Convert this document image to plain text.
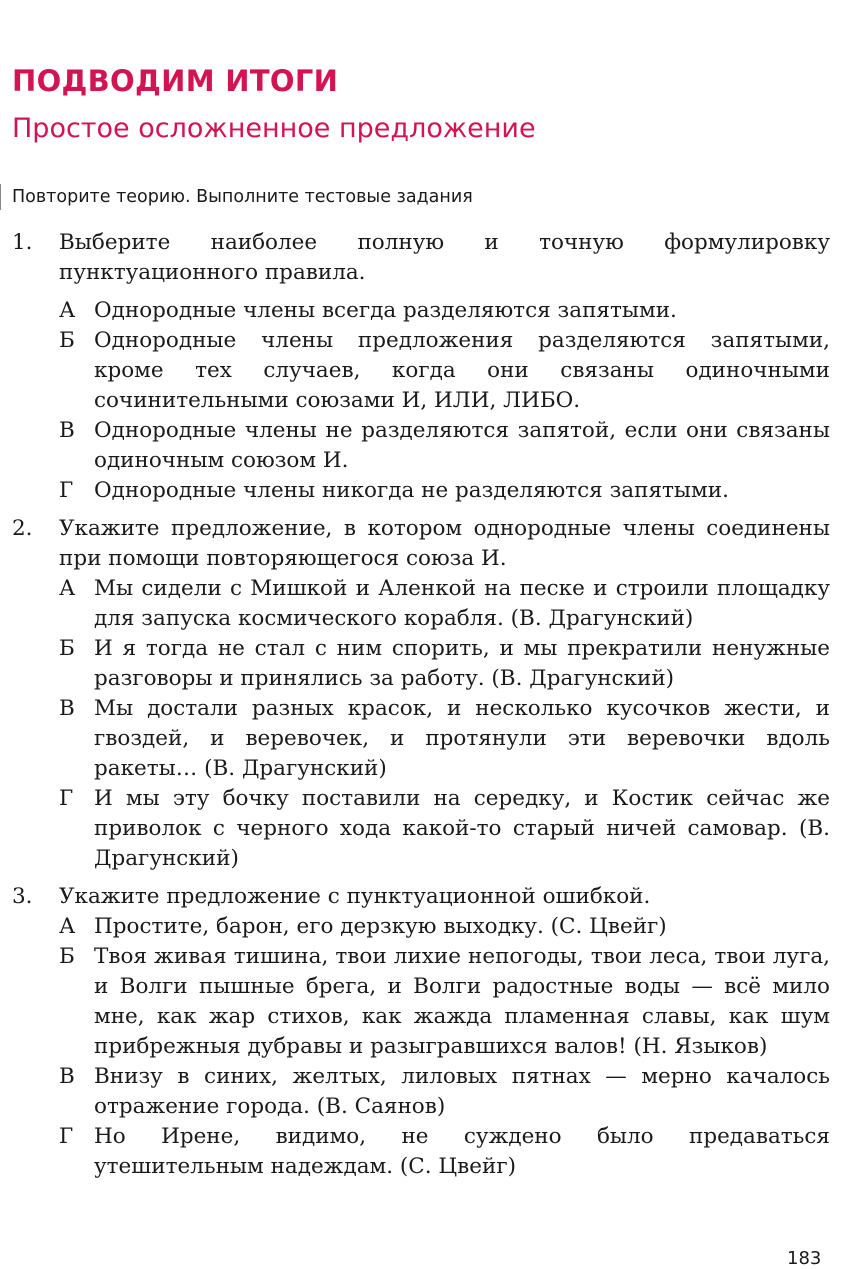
ПОДВОДИМ ИТОГИ
Простое осложненное предложение

Повторите теорию. Выполните тестовые задания

1. Выберите наиболее полную и точную формулировку пунктуационного правила.

А Однородные члены всегда разделяются запятыми.
Б Однородные члены предложения разделяются запятыми, кроме тех случаев, когда они связаны одиночными сочинительными союзами И, ИЛИ, ЛИБО.
В Однородные члены не разделяются запятой, если они связаны одиночным союзом И.
Г Однородные члены никогда не разделяются запятыми.
2. Укажите предложение, в котором однородные члены соединены при помощи повторяющегося союза И.

А Мы сидели с Мишкой и Аленкой на песке и строили площадку для запуска космического корабля. (В. Драгунский)
Б И я тогда не стал с ним спорить, и мы прекратили ненужные разговоры и принялись за работу. (В. Драгунский)
В Мы достали разных красок, и несколько кусочков жести, и гвоздей, и веревочек, и протянули эти веревочки вдоль ракеты… (В. Драгунский)
Г И мы эту бочку поставили на середку, и Костик сейчас же приволок с черного хода какой-то старый ничей самовар. (В. Драгунский)
3. Укажите предложение с пунктуационной ошибкой.

А Простите, барон, его дерзкую выходку. (С. Цвейг)
Б Твоя живая тишина, твои лихие непогоды, твои леса, твои луга, и Волги пышные брега, и Волги радостные воды — всё мило мне, как жар стихов, как жажда пламенная славы, как шум прибрежныя дубравы и разыгравшихся валов! (Н. Языков)
В Внизу в синих, желтых, лиловых пятнах — мерно качалось отражение города. (В. Саянов)
Г Но Ирене, видимо, не суждено было предаваться утешительным надеждам. (С. Цвейг)
183
